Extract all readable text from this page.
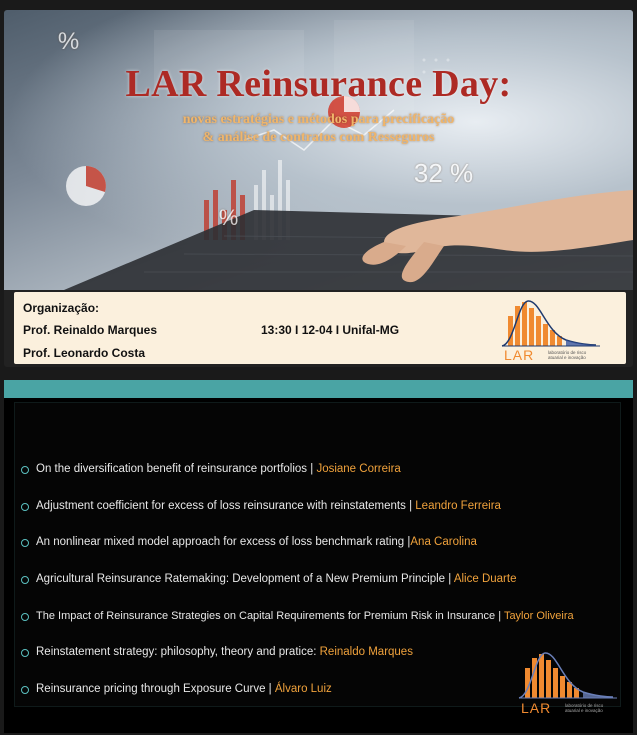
%
32 %
%
LAR Reinsurance Day:
novas estratégias e métodos para precificação
& análise de contratos com Resseguros
Organização:
Prof. Reinaldo Marques
Prof. Leonardo Costa
13:30 I 12-04 I Unifal-MG
LAR	laboratório de risco
atuarial e inovação
On the diversification benefit of reinsurance portfolios | Josiane Correira
Adjustment coefficient for excess of loss reinsurance with reinstatements | Leandro Ferreira
An nonlinear mixed model approach for excess of loss benchmark rating |Ana Carolina
Agricultural Reinsurance Ratemaking: Development of a New Premium Principle | Alice Duarte
The Impact of Reinsurance Strategies on Capital Requirements for Premium Risk in Insurance | Taylor Oliveira
Reinstatement strategy: philosophy, theory and pratice: Reinaldo Marques
Reinsurance pricing through Exposure Curve | Álvaro Luiz
LAR	laboratório de risco
atuarial e inovação
